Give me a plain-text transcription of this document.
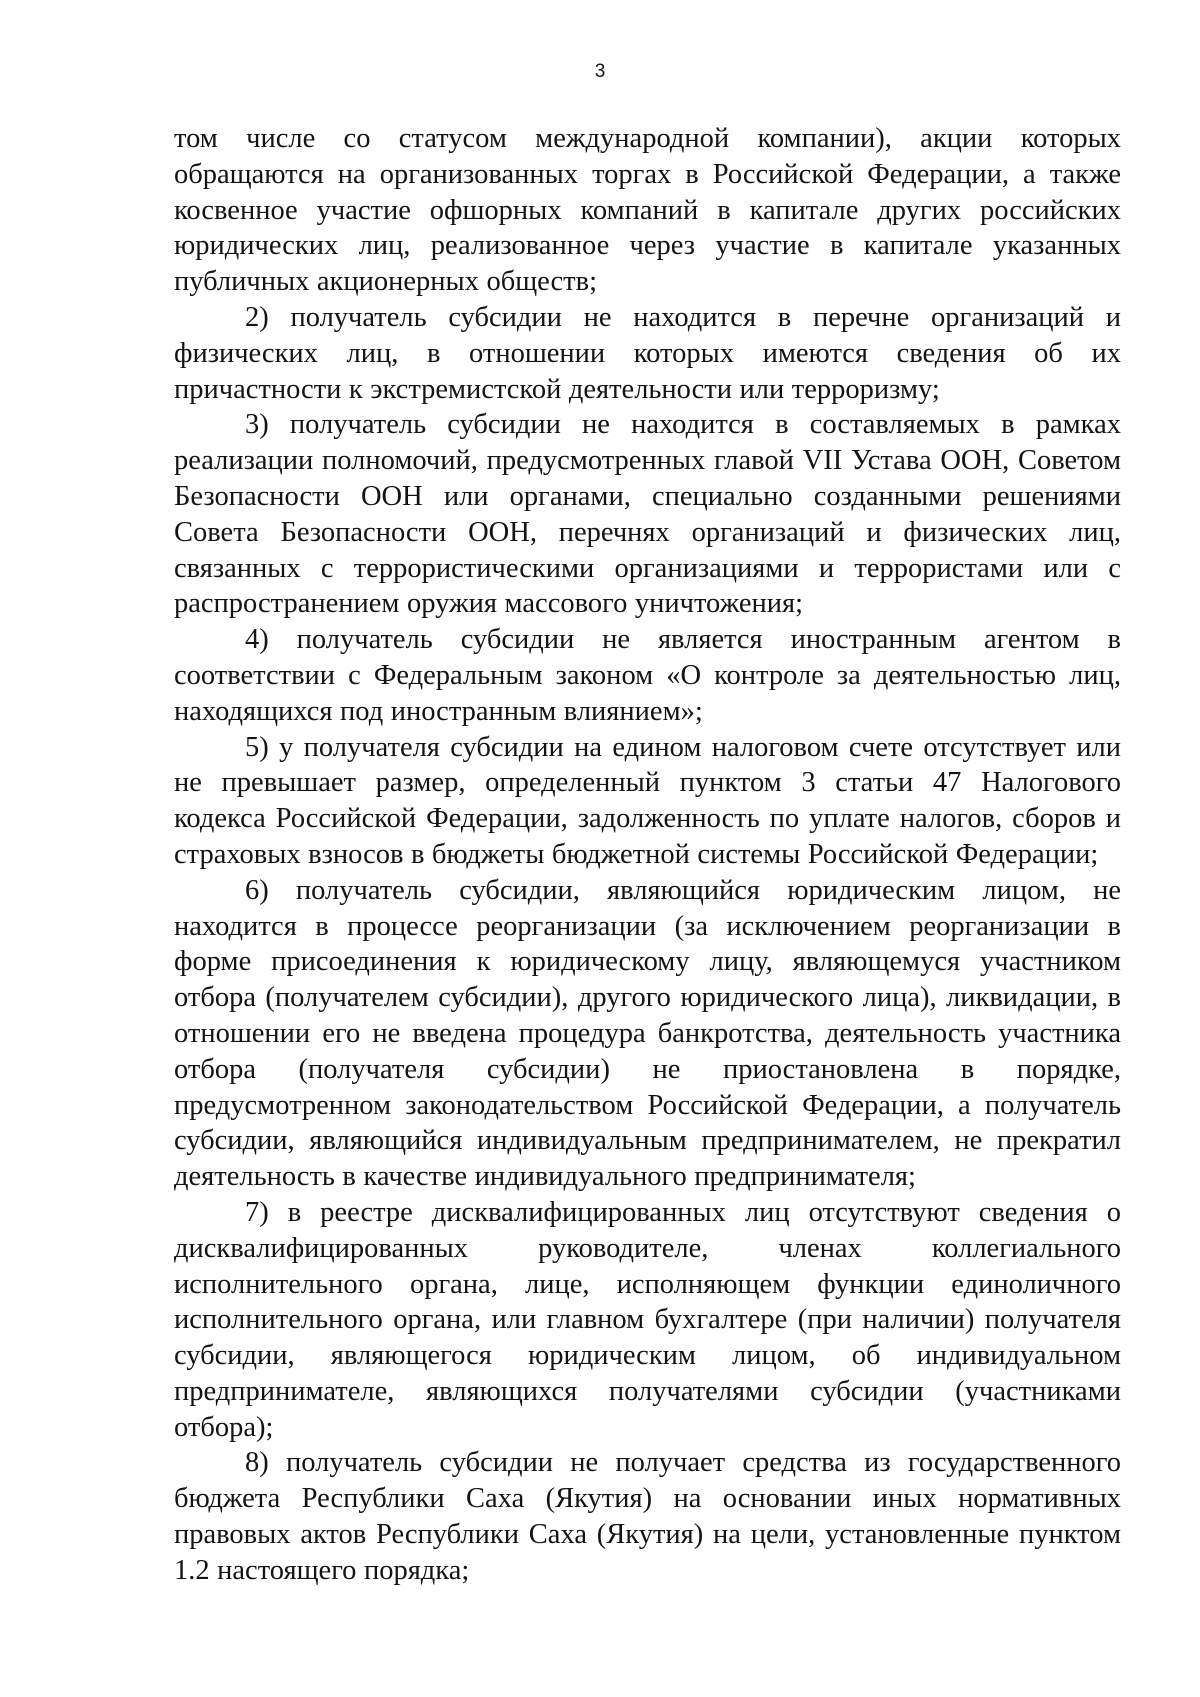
3

том числе со статусом международной компании), акции которых обращаются на организованных торгах в Российской Федерации, а также косвенное участие офшорных компаний в капитале других российских юридических лиц, реализованное через участие в капитале указанных публичных акционерных обществ;

2) получатель субсидии не находится в перечне организаций и физических лиц, в отношении которых имеются сведения об их причастности к экстремистской деятельности или терроризму;

3) получатель субсидии не находится в составляемых в рамках реализации полномочий, предусмотренных главой VII Устава ООН, Советом Безопасности ООН или органами, специально созданными решениями Совета Безопасности ООН, перечнях организаций и физических лиц, связанных с террористическими организациями и террористами или с распространением оружия массового уничтожения;

4) получатель субсидии не является иностранным агентом в соответствии с Федеральным законом «О контроле за деятельностью лиц, находящихся под иностранным влиянием»;

5) у получателя субсидии на едином налоговом счете отсутствует или не превышает размер, определенный пунктом 3 статьи 47 Налогового кодекса Российской Федерации, задолженность по уплате налогов, сборов и страховых взносов в бюджеты бюджетной системы Российской Федерации;

6) получатель субсидии, являющийся юридическим лицом, не находится в процессе реорганизации (за исключением реорганизации в форме присоединения к юридическому лицу, являющемуся участником отбора (получателем субсидии), другого юридического лица), ликвидации, в отношении его не введена процедура банкротства, деятельность участника отбора (получателя субсидии) не приостановлена в порядке, предусмотренном законодательством Российской Федерации, а получатель субсидии, являющийся индивидуальным предпринимателем, не прекратил деятельность в качестве индивидуального предпринимателя;

7) в реестре дисквалифицированных лиц отсутствуют сведения о дисквалифицированных руководителе, членах коллегиального исполнительного органа, лице, исполняющем функции единоличного исполнительного органа, или главном бухгалтере (при наличии) получателя субсидии, являющегося юридическим лицом, об индивидуальном предпринимателе, являющихся получателями субсидии (участниками отбора);

8) получатель субсидии не получает средства из государственного бюджета Республики Саха (Якутия) на основании иных нормативных правовых актов Республики Саха (Якутия) на цели, установленные пунктом 1.2 настоящего порядка;
